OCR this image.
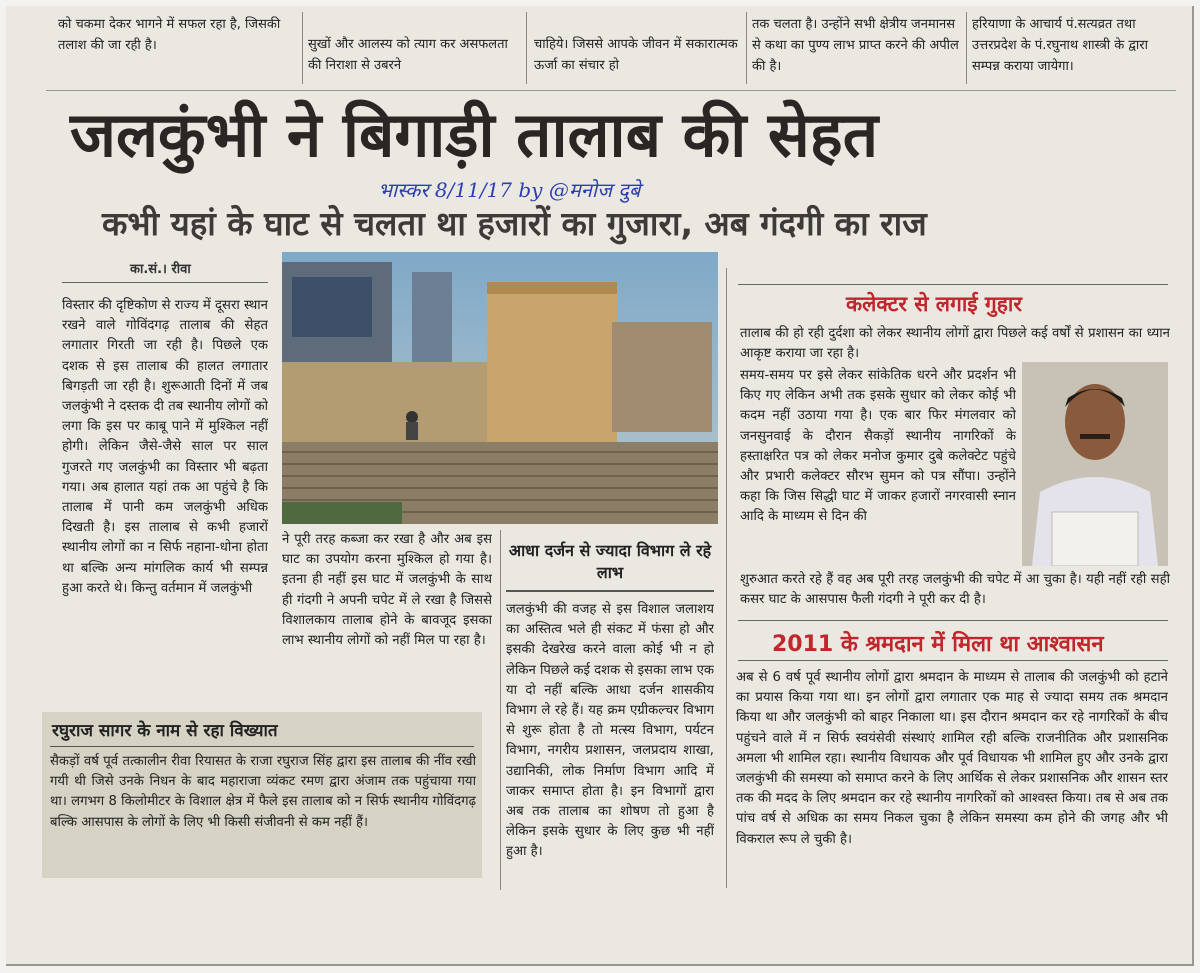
को चकमा देकर भागने में सफल रहा है, जिसकी तलाश की जा रही है।	सुखों और आलस्य को त्याग कर असफलता की निराशा से उबरने
चाहिये। जिससे आपके जीवन में सकारात्मक ऊर्जा का संचार हो
तक चलता है। उन्होंने सभी क्षेत्रीय जनमानस से कथा का पुण्य लाभ प्राप्त करने की अपील की है।
हरियाणा के आचार्य पं.सत्यव्रत तथा उत्तरप्रदेश के पं.रघुनाथ शास्त्री के द्वारा सम्पन्न कराया जायेगा।
जलकुंभी ने बिगाड़ी तालाब की सेहत
भास्कर 8/11/17 by @मनोज दुबे
कभी यहां के घाट से चलता था हजारों का गुजारा, अब गंदगी का राज
का.सं.। रीवा
विस्तार की दृष्टिकोण से राज्य में दूसरा स्थान रखने वाले गोविंदगढ़ तालाब की सेहत लगातार गिरती जा रही है। पिछले एक दशक से इस तालाब की हालत लगातार बिगड़ती जा रही है। शुरूआती दिनों में जब जलकुंभी ने दस्तक दी तब स्थानीय लोगों को लगा कि इस पर काबू पाने में मुश्किल नहीं होगी। लेकिन जैसे-जैसे साल पर साल गुजरते गए जलकुंभी का विस्तार भी बढ़ता गया। अब हालात यहां तक आ पहुंचे है कि तालाब में पानी कम जलकुंभी अधिक दिखती है। इस तालाब से कभी हजारों स्थानीय लोगों का न सिर्फ नहाना-धोना होता था बल्कि अन्य मांगलिक कार्य भी सम्पन्न हुआ करते थे। किन्तु वर्तमान में जलकुंभी
ने पूरी तरह कब्जा कर रखा है और अब इस घाट का उपयोग करना मुश्किल हो गया है। इतना ही नहीं इस घाट में जलकुंभी के साथ ही गंदगी ने अपनी चपेट में ले रखा है जिससे विशालकाय तालाब होने के बावजूद इसका लाभ स्थानीय लोगों को नहीं मिल पा रहा है।
आधा दर्जन से ज्यादा विभाग ले रहे लाभ
जलकुंभी की वजह से इस विशाल जलाशय का अस्तित्व भले ही संकट में फंसा हो और इसकी देखरेख करने वाला कोई भी न हो लेकिन पिछले कई दशक से इसका लाभ एक या दो नहीं बल्कि आधा दर्जन शासकीय विभाग ले रहे हैं। यह क्रम एग्रीकल्चर विभाग से शुरू होता है तो मत्स्य विभाग, पर्यटन विभाग, नगरीय प्रशासन, जलप्रदाय शाखा, उद्यानिकी, लोक निर्माण विभाग आदि में जाकर समाप्त होता है। इन विभागों द्वारा अब तक तालाब का शोषण तो हुआ है लेकिन इसके सुधार के लिए कुछ भी नहीं हुआ है।
रघुराज सागर के नाम से रहा विख्यात
सैकड़ों वर्ष पूर्व तत्कालीन रीवा रियासत के राजा रघुराज सिंह द्वारा इस तालाब की नींव रखी गयी थी जिसे उनके निधन के बाद महाराजा व्यंकट रमण द्वारा अंजाम तक पहुंचाया गया था। लगभग 8 किलोमीटर के विशाल क्षेत्र में फैले इस तालाब को न सिर्फ स्थानीय गोविंदगढ़ बल्कि आसपास के लोगों के लिए भी किसी संजीवनी से कम नहीं हैं।
कलेक्टर से लगाई गुहार
तालाब की हो रही दुर्दशा को लेकर स्थानीय लोगों द्वारा पिछले कई वर्षों से प्रशासन का ध्यान आकृष्ट कराया जा रहा है।
समय-समय पर इसे लेकर सांकेतिक धरने और प्रदर्शन भी किए गए लेकिन अभी तक इसके सुधार को लेकर कोई भी कदम नहीं उठाया गया है। एक बार फिर मंगलवार को जनसुनवाई के दौरान सैकड़ों स्थानीय नागरिकों के हस्ताक्षरित पत्र को लेकर मनोज कुमार दुबे कलेक्टेट पहुंचे और प्रभारी कलेक्टर सौरभ सुमन को पत्र सौंपा। उन्होंने कहा कि जिस सिद्धी घाट में जाकर हजारों नगरवासी स्नान आदि के माध्यम से दिन की
शुरुआत करते रहे हैं वह अब पूरी तरह जलकुंभी की चपेट में आ चुका है। यही नहीं रही सही कसर घाट के आसपास फैली गंदगी ने पूरी कर दी है।
2011 के श्रमदान में मिला था आश्वासन
अब से 6 वर्ष पूर्व स्थानीय लोगों द्वारा श्रमदान के माध्यम से तालाब की जलकुंभी को हटाने का प्रयास किया गया था। इन लोगों द्वारा लगातार एक माह से ज्यादा समय तक श्रमदान किया था और जलकुंभी को बाहर निकाला था। इस दौरान श्रमदान कर रहे नागरिकों के बीच पहुंचने वाले में न सिर्फ स्वयंसेवी संस्थाएं शामिल रही बल्कि राजनीतिक और प्रशासनिक अमला भी शामिल रहा। स्थानीय विधायक और पूर्व विधायक भी शामिल हुए और उनके द्वारा जलकुंभी की समस्या को समाप्त करने के लिए आर्थिक से लेकर प्रशासनिक और शासन स्तर तक की मदद के लिए श्रमदान कर रहे स्थानीय नागरिकों को आश्वस्त किया। तब से अब तक पांच वर्ष से अधिक का समय निकल चुका है लेकिन समस्या कम होने की जगह और भी विकराल रूप ले चुकी है।
